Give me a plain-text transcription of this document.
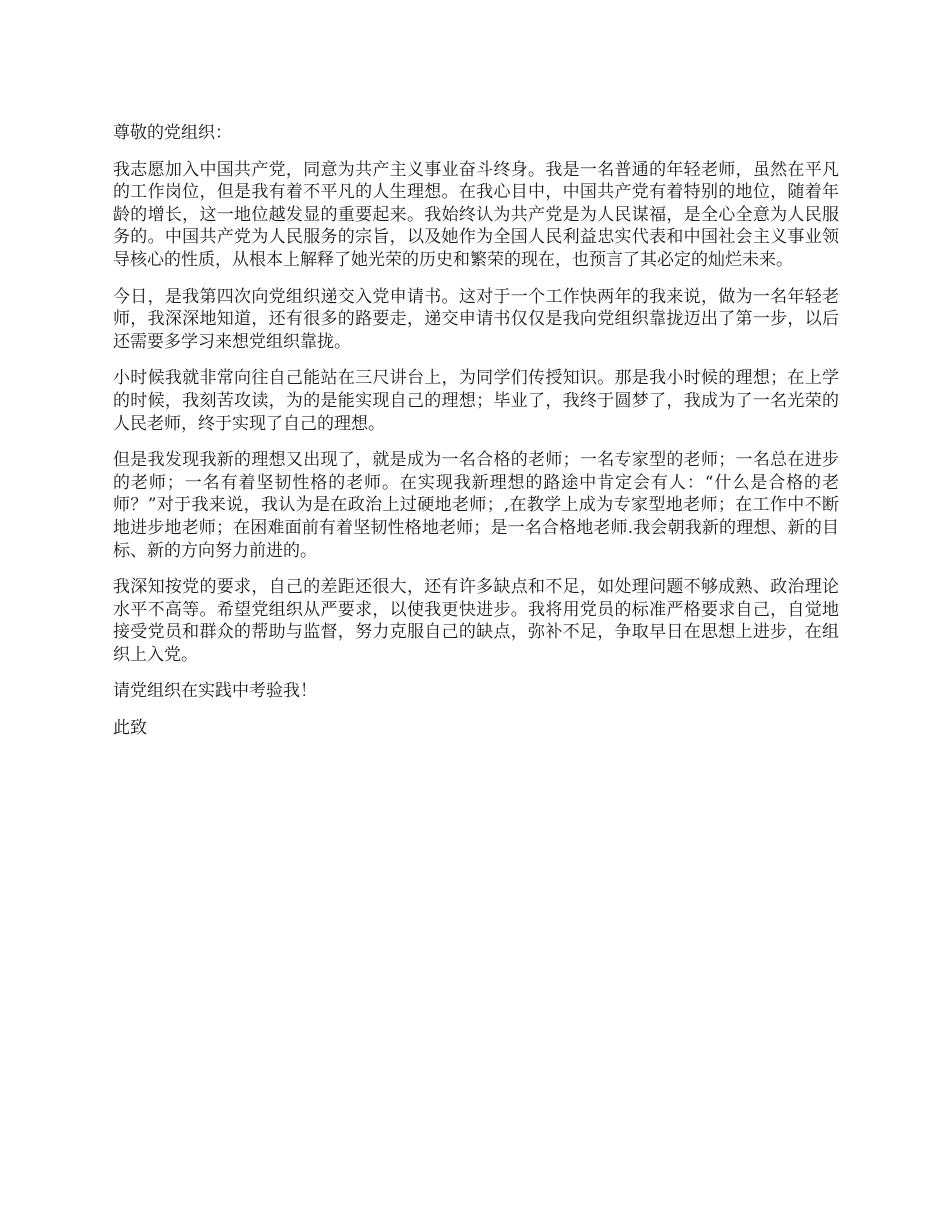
尊敬的党组织：

我志愿加入中国共产党，同意为共产主义事业奋斗终身。我是一名普通的年轻老师，虽然在平凡的工作岗位，但是我有着不平凡的人生理想。在我心目中，中国共产党有着特别的地位，随着年龄的增长，这一地位越发显的重要起来。我始终认为共产党是为人民谋福，是全心全意为人民服务的。中国共产党为人民服务的宗旨，以及她作为全国人民利益忠实代表和中国社会主义事业领导核心的性质，从根本上解释了她光荣的历史和繁荣的现在，也预言了其必定的灿烂未来。

今日，是我第四次向党组织递交入党申请书。这对于一个工作快两年的我来说，做为一名年轻老师，我深深地知道，还有很多的路要走，递交申请书仅仅是我向党组织靠拢迈出了第一步，以后还需要多学习来想党组织靠拢。

小时候我就非常向往自己能站在三尺讲台上，为同学们传授知识。那是我小时候的理想；在上学的时候，我刻苦攻读，为的是能实现自己的理想；毕业了，我终于圆梦了，我成为了一名光荣的人民老师，终于实现了自己的理想。

但是我发现我新的理想又出现了，就是成为一名合格的老师；一名专家型的老师；一名总在进步的老师；一名有着坚韧性格的老师。在实现我新理想的路途中肯定会有人：“什么是合格的老师？”对于我来说，我认为是在政治上过硬地老师；,在教学上成为专家型地老师；在工作中不断地进步地老师；在困难面前有着坚韧性格地老师；是一名合格地老师.我会朝我新的理想、新的目标、新的方向努力前进的。

我深知按党的要求，自己的差距还很大，还有许多缺点和不足，如处理问题不够成熟、政治理论水平不高等。希望党组织从严要求，以使我更快进步。我将用党员的标准严格要求自己，自觉地接受党员和群众的帮助与监督，努力克服自己的缺点，弥补不足，争取早日在思想上进步，在组织上入党。

请党组织在实践中考验我！

此致
